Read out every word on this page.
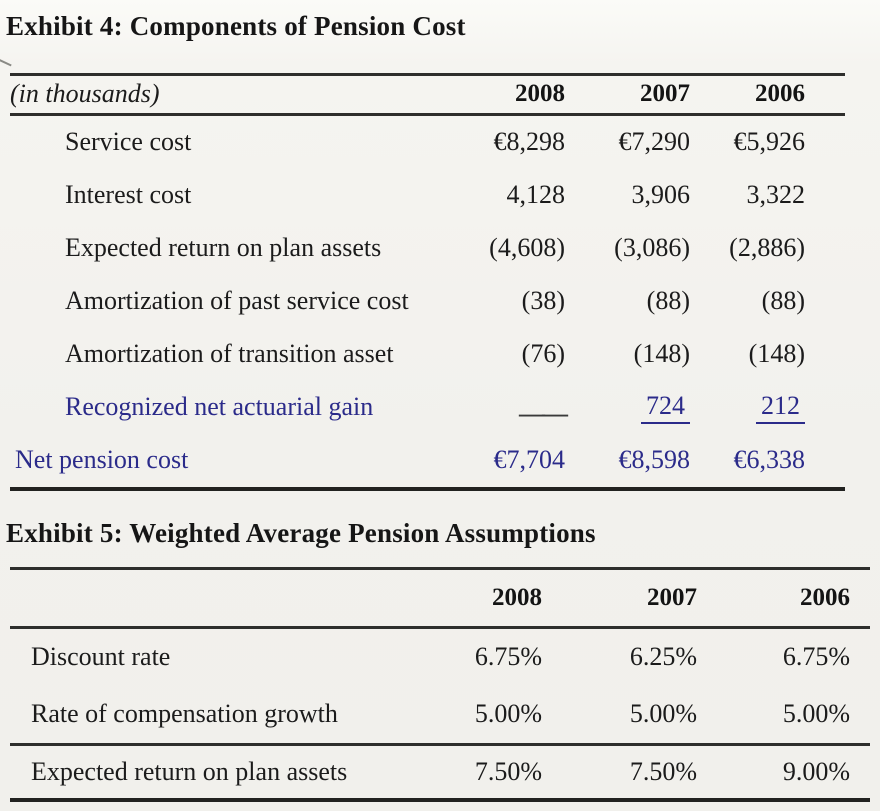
Exhibit 4: Components of Pension Cost
(in thousands)	2008	2007	2006
Service cost	€8,298	€7,290	€5,926
Interest cost	4,128	3,906	3,322
Expected return on plan assets	(4,608)	(3,086)	(2,886)
Amortization of past service cost	(38)	(88)	(88)
Amortization of transition asset	(76)	(148)	(148)
Recognized net actuarial gain	——	724	212
Net pension cost	€7,704	€8,598	€6,338
Exhibit 5: Weighted Average Pension Assumptions
2008	2007	2006
Discount rate	6.75%	6.25%	6.75%
Rate of compensation growth	5.00%	5.00%	5.00%
Expected return on plan assets	7.50%	7.50%	9.00%
